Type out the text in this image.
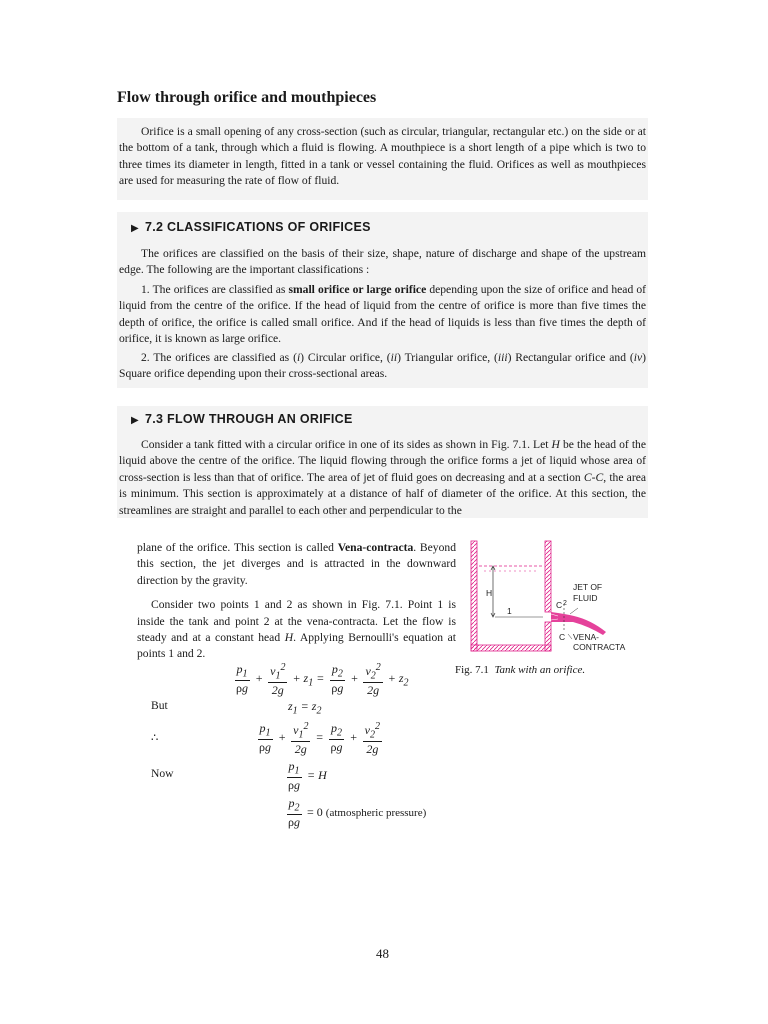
Flow through orifice and mouthpieces

Orifice is a small opening of any cross-section (such as circular, triangular, rectangular etc.) on the side or at the bottom of a tank, through which a fluid is flowing. A mouthpiece is a short length of a pipe which is two to three times its diameter in length, fitted in a tank or vessel containing the fluid. Orifices as well as mouthpieces are used for measuring the rate of flow of fluid.

▶ 7.2 CLASSIFICATIONS OF ORIFICES

The orifices are classified on the basis of their size, shape, nature of discharge and shape of the upstream edge. The following are the important classifications :

1. The orifices are classified as small orifice or large orifice depending upon the size of orifice and head of liquid from the centre of the orifice. If the head of liquid from the centre of orifice is more than five times the depth of orifice, the orifice is called small orifice. And if the head of liquids is less than five times the depth of orifice, it is known as large orifice.

2. The orifices are classified as (i) Circular orifice, (ii) Triangular orifice, (iii) Rectangular orifice and (iv) Square orifice depending upon their cross-sectional areas.

▶ 7.3 FLOW THROUGH AN ORIFICE

Consider a tank fitted with a circular orifice in one of its sides as shown in Fig. 7.1. Let H be the head of the liquid above the centre of the orifice. The liquid flowing through the orifice forms a jet of liquid whose area of cross-section is less than that of orifice. The area of jet of fluid goes on decreasing and at a section C-C, the area is minimum. This section is approximately at a distance of half of diameter of the orifice. At this section, the streamlines are straight and parallel to each other and perpendicular to the

plane of the orifice. This section is called Vena-contracta. Beyond this section, the jet diverges and is attracted in the downward direction by the gravity.

Consider two points 1 and 2 as shown in Fig. 7.1. Point 1 is inside the tank and point 2 at the vena-contracta. Let the flow is steady and at a constant head H. Applying Bernoulli's equation at points 1 and 2.

$\frac{p_1}{\rho g} + \frac{v_1^2}{2g} + z_1 = \frac{p_2}{\rho g} + \frac{v_2^2}{2g} + z_2$
But	$z_1 = z_2$
∴	$\frac{p_1}{\rho g} + \frac{v_1^2}{2g} = \frac{p_2}{\rho g} + \frac{v_2^2}{2g}$
Now	$\frac{p_1}{\rho g} = H$
$\frac{p_2}{\rho g} = 0$ (atmospheric pressure)
H
1
C 2
C
JET OF
FLUID
VENA-
CONTRACTA
Fig. 7.1 Tank with an orifice.
48
